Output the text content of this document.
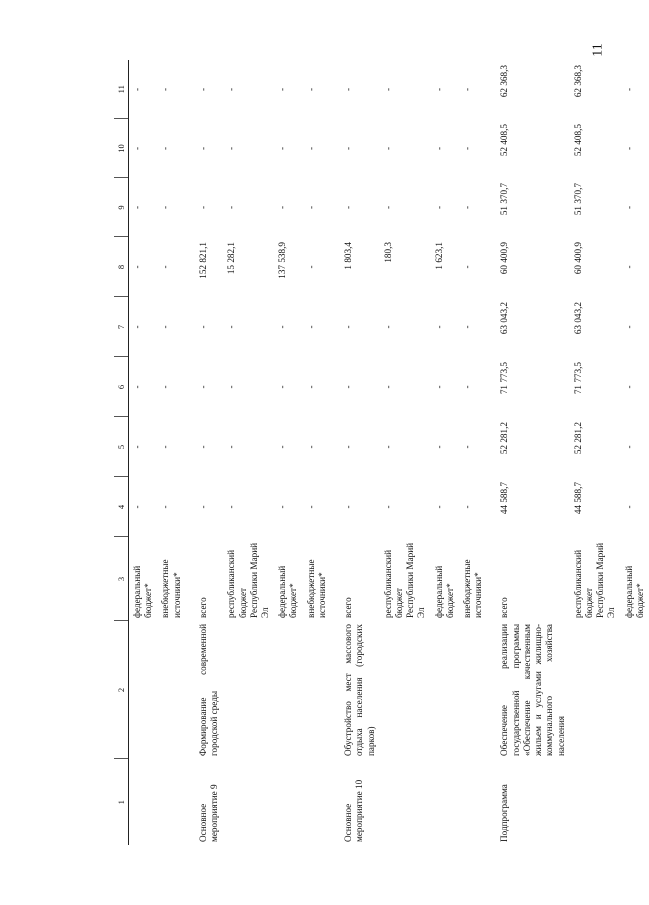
11
1	2	3	4	5	6	7	8	9	10	11
		федеральный бюджет*	-	-	-	-	-	-	-	-
		внебюджетные источники*	-	-	-	-	-	-	-	-
Основное мероприятие 9	Формирование современной городской среды	всего	-	-	-	-	152 821,1	-	-	-
		республиканский бюджет Республики Марий Эл	-	-	-	-	15 282,1	-	-	-
		федеральный бюджет*	-	-	-	-	137 538,9	-	-	-
		внебюджетные источники*	-	-	-	-	-	-	-	-
Основное мероприятие 10	Обустройство мест массового отдыха населения (городских парков)	всего	-	-	-	-	1 803,4	-	-	-
		республиканский бюджет Республики Марий Эл	-	-	-	-	180,3	-	-	-
		федеральный бюджет*	-	-	-	-	1 623,1	-	-	-
		внебюджетные источники*	-	-	-	-	-	-	-	-
Подпрограмма	Обеспечение реализации государственной программы «Обеспечение качественным жильем и услугами жилищно-коммунального хозяйства населения	всего	44 588,7	52 281,2	71 773,5	63 043,2	60 400,9	51 370,7	52 408,5	62 368,3
		республиканский бюджет Республики Марий Эл	44 588,7	52 281,2	71 773,5	63 043,2	60 400,9	51 370,7	52 408,5	62 368,3
		федеральный бюджет*	-	-	-	-	-	-	-	-
